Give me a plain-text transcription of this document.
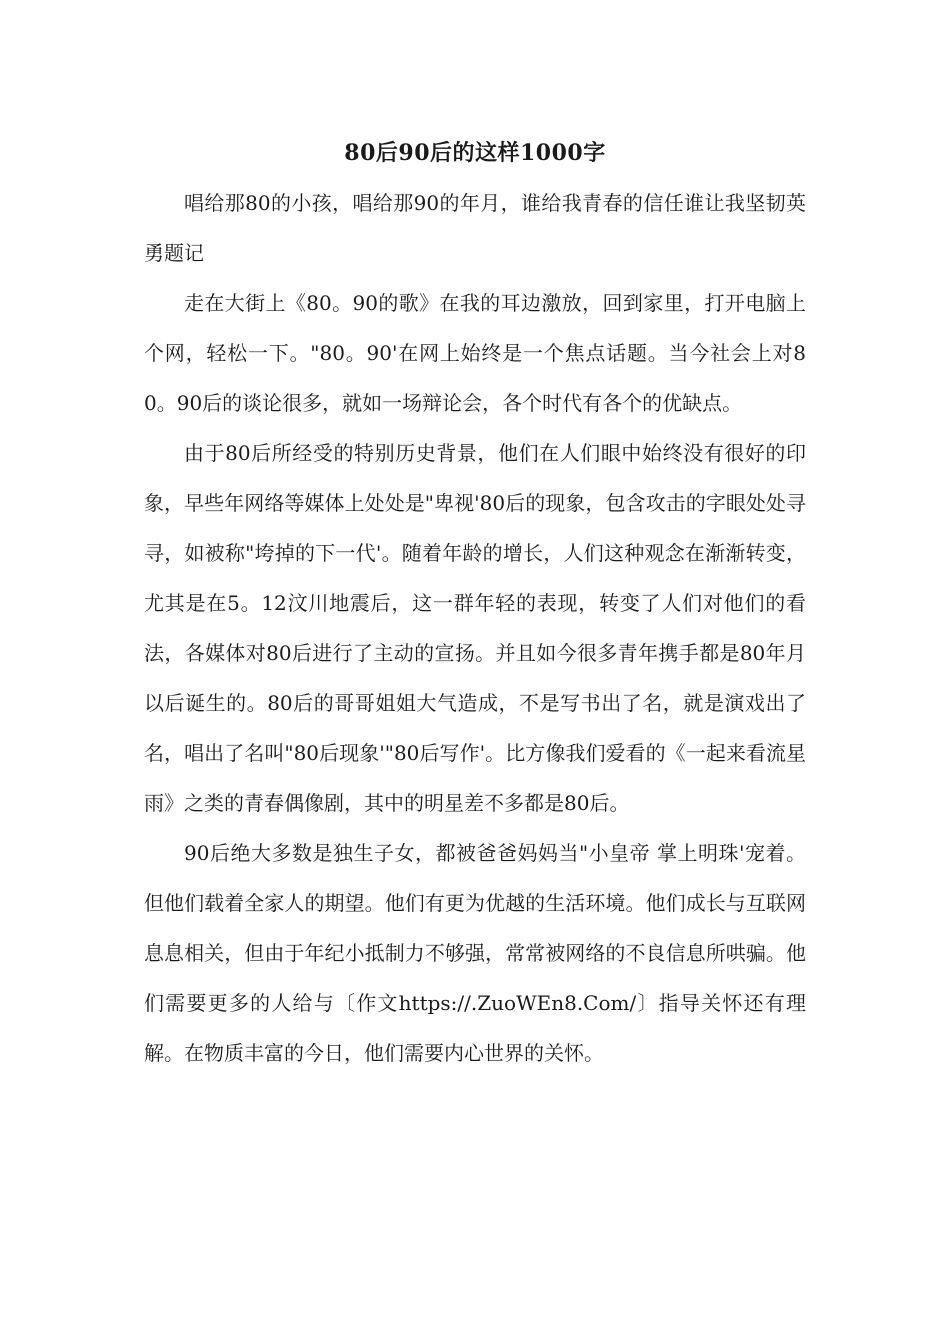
80后90后的这样1000字

唱给那80的小孩，唱给那90的年月，谁给我青春的信任谁让我坚韧英勇题记

走在大街上《80。90的歌》在我的耳边激放，回到家里，打开电脑上个网，轻松一下。"80。90'在网上始终是一个焦点话题。当今社会上对80。90后的谈论很多，就如一场辩论会，各个时代有各个的优缺点。

由于80后所经受的特别历史背景，他们在人们眼中始终没有很好的印象，早些年网络等媒体上处处是"卑视'80后的现象，包含攻击的字眼处处寻寻，如被称"垮掉的下一代'。随着年龄的增长，人们这种观念在渐渐转变，尤其是在5。12汶川地震后，这一群年轻的表现，转变了人们对他们的看法，各媒体对80后进行了主动的宣扬。并且如今很多青年携手都是80年月以后诞生的。80后的哥哥姐姐大气造成，不是写书出了名，就是演戏出了名，唱出了名叫"80后现象'"80后写作'。比方像我们爱看的《一起来看流星雨》之类的青春偶像剧，其中的明星差不多都是80后。

90后绝大多数是独生子女，都被爸爸妈妈当"小皇帝 掌上明珠'宠着。但他们载着全家人的期望。他们有更为优越的生活环境。他们成长与互联网息息相关，但由于年纪小抵制力不够强，常常被网络的不良信息所哄骗。他们需要更多的人给与〔作文https://.ZuoWEn8.Com/〕指导关怀还有理解。在物质丰富的今日，他们需要内心世界的关怀。
